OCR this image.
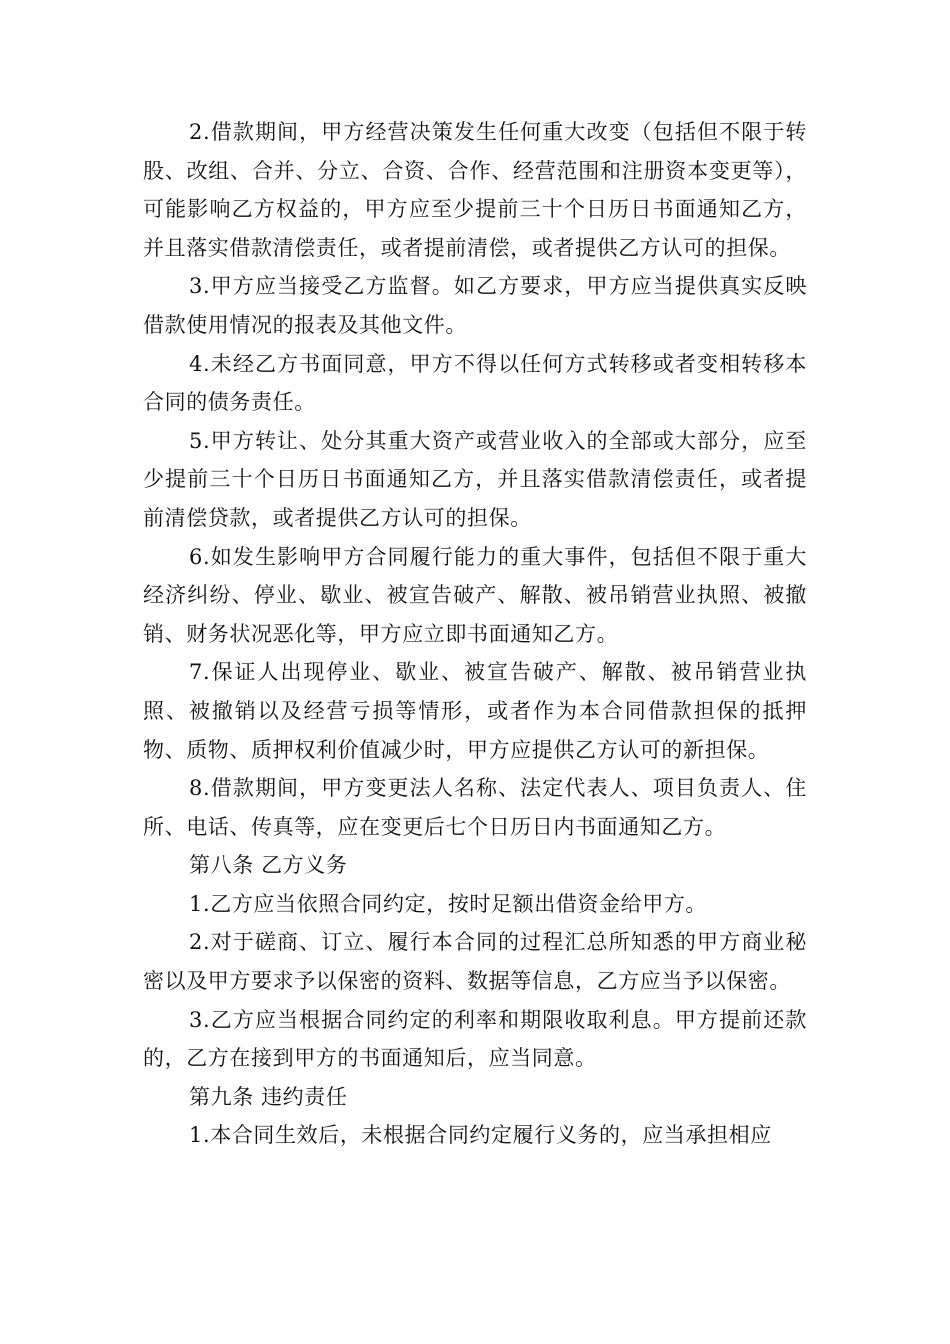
2.借款期间，甲方经营决策发生任何重大改变（包括但不限于转股、改组、合并、分立、合资、合作、经营范围和注册资本变更等），可能影响乙方权益的，甲方应至少提前三十个日历日书面通知乙方，并且落实借款清偿责任，或者提前清偿，或者提供乙方认可的担保。

3.甲方应当接受乙方监督。如乙方要求，甲方应当提供真实反映借款使用情况的报表及其他文件。

4.未经乙方书面同意，甲方不得以任何方式转移或者变相转移本合同的债务责任。

5.甲方转让、处分其重大资产或营业收入的全部或大部分，应至少提前三十个日历日书面通知乙方，并且落实借款清偿责任，或者提前清偿贷款，或者提供乙方认可的担保。

6.如发生影响甲方合同履行能力的重大事件，包括但不限于重大经济纠纷、停业、歇业、被宣告破产、解散、被吊销营业执照、被撤销、财务状况恶化等，甲方应立即书面通知乙方。

7.保证人出现停业、歇业、被宣告破产、解散、被吊销营业执照、被撤销以及经营亏损等情形，或者作为本合同借款担保的抵押物、质物、质押权利价值减少时，甲方应提供乙方认可的新担保。

8.借款期间，甲方变更法人名称、法定代表人、项目负责人、住所、电话、传真等，应在变更后七个日历日内书面通知乙方。

第八条 乙方义务

1.乙方应当依照合同约定，按时足额出借资金给甲方。

2.对于磋商、订立、履行本合同的过程汇总所知悉的甲方商业秘密以及甲方要求予以保密的资料、数据等信息，乙方应当予以保密。

3.乙方应当根据合同约定的利率和期限收取利息。甲方提前还款的，乙方在接到甲方的书面通知后，应当同意。

第九条 违约责任

1.本合同生效后，未根据合同约定履行义务的，应当承担相应
